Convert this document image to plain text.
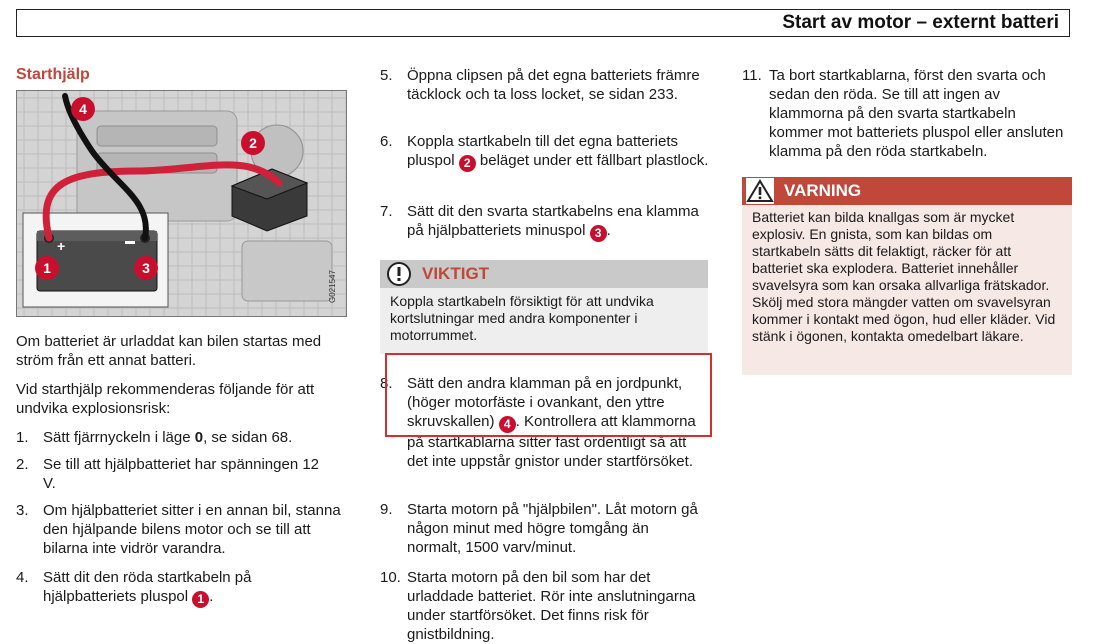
Start av motor – externt batteri
Starthjälp
+
1
2
3
4
G021547
Om batteriet är urladdat kan bilen startas med ström från ett annat batteri.
Vid starthjälp rekommenderas följande för att undvika explosionsrisk:
1. Sätt fjärrnyckeln i läge 0, se sidan 68.
2. Se till att hjälpbatteriet har spänningen 12 V.
3. Om hjälpbatteriet sitter i en annan bil, stanna den hjälpande bilens motor och se till att bilarna inte vidrör varandra.
4. Sätt dit den röda startkabeln på hjälpbatteriets pluspol 1 .
5. Öppna clipsen på det egna batteriets främre täcklock och ta loss locket, se sidan 233.
6. Koppla startkabeln till det egna batteriets pluspol 2 beläget under ett fällbart plastlock.
7. Sätt dit den svarta startkabelns ena klamma på hjälpbatteriets minuspol 3 .
VIKTIGT
Koppla startkabeln försiktigt för att undvika kortslutningar med andra komponenter i motorrummet.
8. Sätt den andra klamman på en jordpunkt, (höger motorfäste i ovankant, den yttre skruvskallen) 4 . Kontrollera att klammorna på startkablarna sitter fast ordentligt så att det inte uppstår gnistor under startförsöket.
9. Starta motorn på "hjälpbilen". Låt motorn gå någon minut med högre tomgång än normalt, 1500 varv/minut.
10. Starta motorn på den bil som har det urladdade batteriet. Rör inte anslutningarna under startförsöket. Det finns risk för gnistbildning.
11. Ta bort startkablarna, först den svarta och sedan den röda. Se till att ingen av klammorna på den svarta startkabeln kommer mot batteriets pluspol eller ansluten klamma på den röda startkabeln.
VARNING
Batteriet kan bilda knallgas som är mycket explosiv. En gnista, som kan bildas om startkabeln sätts dit felaktigt, räcker för att batteriet ska explodera. Batteriet innehåller svavelsyra som kan orsaka allvarliga frätskador. Skölj med stora mängder vatten om svavelsyran kommer i kontakt med ögon, hud eller kläder. Vid stänk i ögonen, kontakta omedelbart läkare.
